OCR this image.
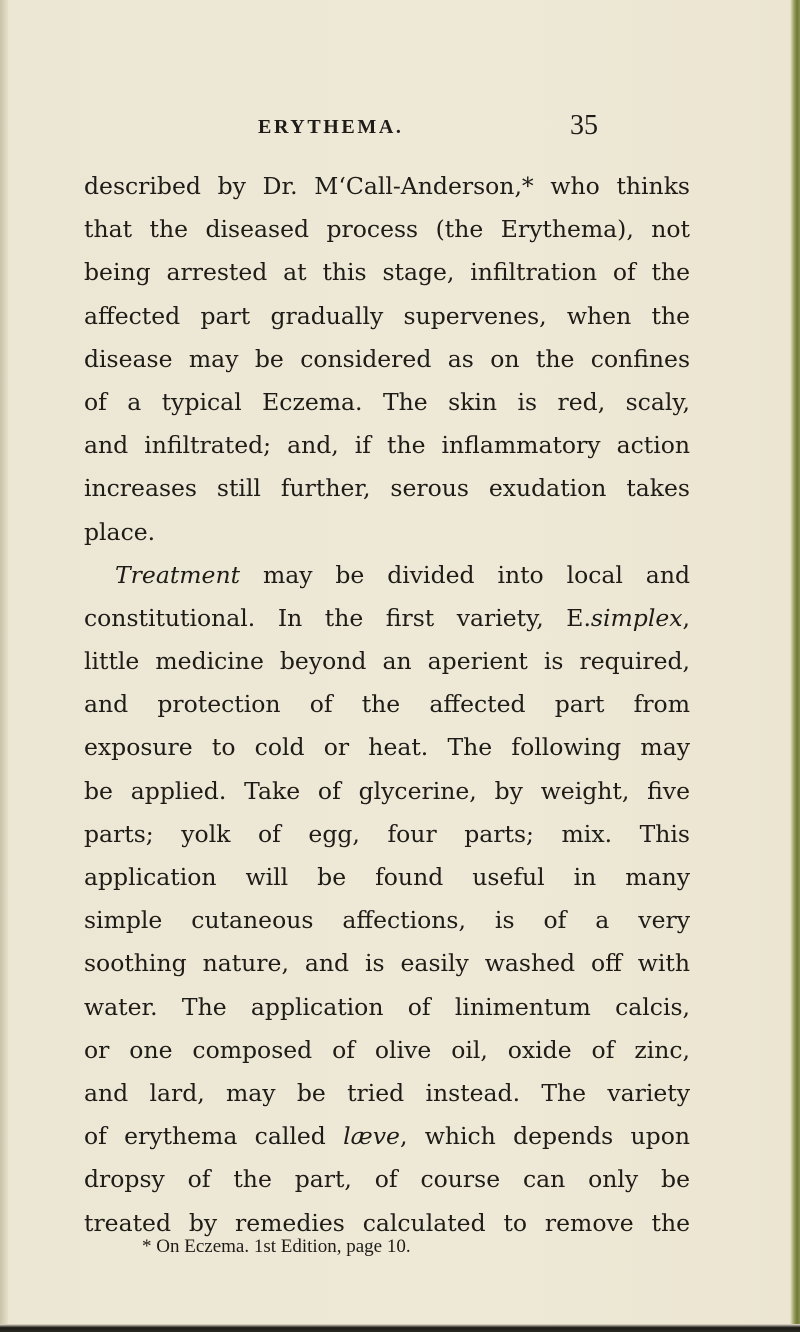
ERYTHEMA.	35
described by Dr. M‘Call-Anderson,* who thinks
that the diseased process (the Erythema), not
being arrested at this stage, infiltration of the
affected part gradually supervenes, when the
disease may be considered as on the confines
of a typical Eczema. The skin is red, scaly,
and infiltrated; and, if the inflammatory action
increases still further, serous exudation takes
place.
Treatment may be divided into local and
constitutional. In the first variety, E.simplex,
little medicine beyond an aperient is required,
and protection of the affected part from
exposure to cold or heat. The following may
be applied. Take of glycerine, by weight, five
parts; yolk of egg, four parts; mix. This
application will be found useful in many
simple cutaneous affections, is of a very
soothing nature, and is easily washed off with
water. The application of linimentum calcis,
or one composed of olive oil, oxide of zinc,
and lard, may be tried instead. The variety
of erythema called læve, which depends upon
dropsy of the part, of course can only be
treated by remedies calculated to remove the
* On Eczema. 1st Edition, page 10.
